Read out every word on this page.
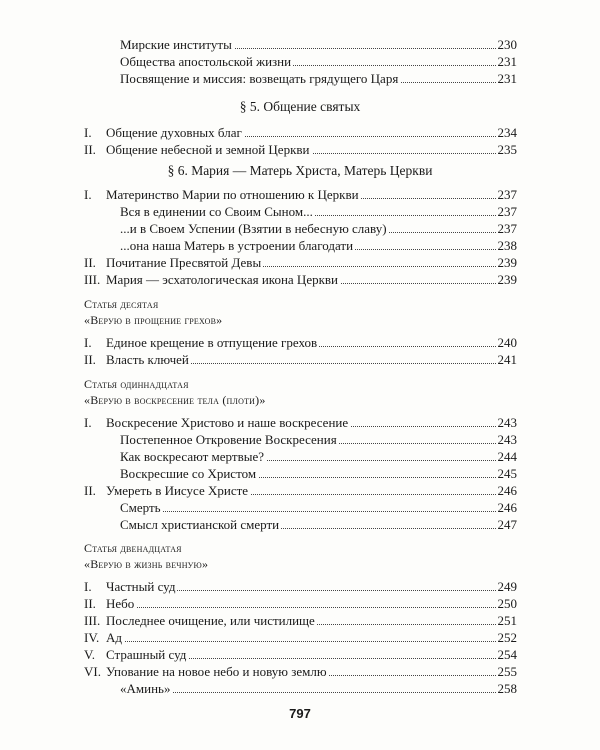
Мирские институты	230
Общества апостольской жизни	231
Посвящение и миссия: возвещать грядущего Царя	231
§ 5. Общение святых
I. Общение духовных благ	234
II. Общение небесной и земной Церкви	235
§ 6. Мария — Матерь Христа, Матерь Церкви
I. Материнство Марии по отношению к Церкви	237
Вся в единении со Своим Сыном...	237
...и в Своем Успении (Взятии в небесную славу)	237
...она наша Матерь в устроении благодати	238
II. Почитание Пресвятой Девы	239
III. Мария — эсхатологическая икона Церкви	239
Статья десятая
«Верую в прощение грехов»
I. Единое крещение в отпущение грехов	240
II. Власть ключей	241
Статья одиннадцатая
«Верую в воскресение тела (плоти)»
I. Воскресение Христово и наше воскресение	243
Постепенное Откровение Воскресения	243
Как воскресают мертвые?	244
Воскресшие со Христом	245
II. Умереть в Иисусе Христе	246
Смерть	246
Смысл христианской смерти	247
Статья двенадцатая
«Верую в жизнь вечную»
I. Частный суд	249
II. Небо	250
III. Последнее очищение, или чистилище	251
IV. Ад	252
V. Страшный суд	254
VI. Упование на новое небо и новую землю	255
«Аминь»	258
797
